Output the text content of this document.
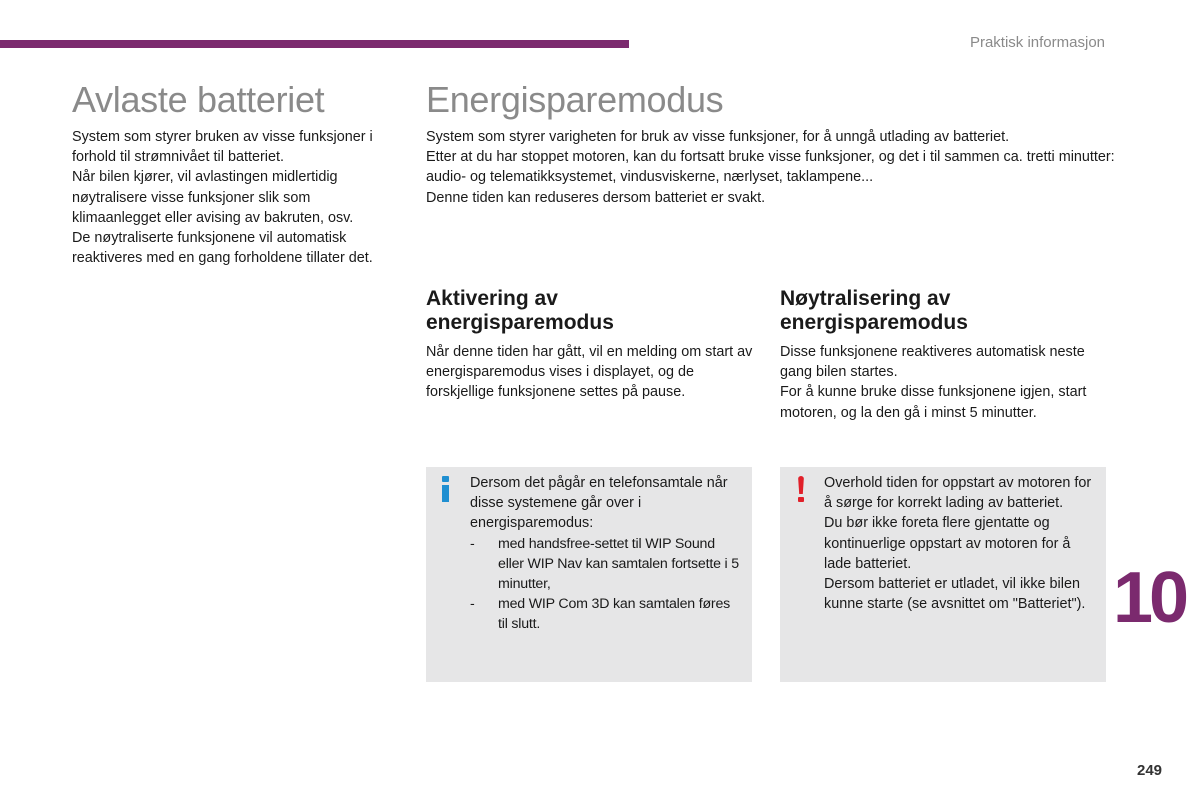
Praktisk informasjon
Avlaste batteriet

System som styrer bruken av visse funksjoner i forhold til strømnivået til batteriet.

Når bilen kjører, vil avlastingen midlertidig nøytralisere visse funksjoner slik som klimaanlegget eller avising av bakruten, osv.

De nøytraliserte funksjonene vil automatisk reaktiveres med en gang forholdene tillater det.

Energisparemodus

System som styrer varigheten for bruk av visse funksjoner, for å unngå utlading av batteriet.

Etter at du har stoppet motoren, kan du fortsatt bruke visse funksjoner, og det i til sammen ca. tretti minutter: audio- og telematikksystemet, vindusviskerne, nærlyset, taklampene...

Denne tiden kan reduseres dersom batteriet er svakt.

Aktivering av energisparemodus

Når denne tiden har gått, vil en melding om start av energisparemodus vises i displayet, og de forskjellige funksjonene settes på pause.

Nøytralisering av energisparemodus

Disse funksjonene reaktiveres automatisk neste gang bilen startes.

For å kunne bruke disse funksjonene igjen, start motoren, og la den gå i minst 5 minutter.

Dersom det pågår en telefonsamtale når disse systemene går over i energisparemodus:

- med handsfree-settet til WIP Sound eller WIP Nav kan samtalen fortsette i 5 minutter,
- med WIP Com 3D kan samtalen føres til slutt.

Overhold tiden for oppstart av motoren for å sørge for korrekt lading av batteriet.

Du bør ikke foreta flere gjentatte og kontinuerlige oppstart av motoren for å lade batteriet.

Dersom batteriet er utladet, vil ikke bilen kunne starte (se avsnittet om "Batteriet"). 10
249
